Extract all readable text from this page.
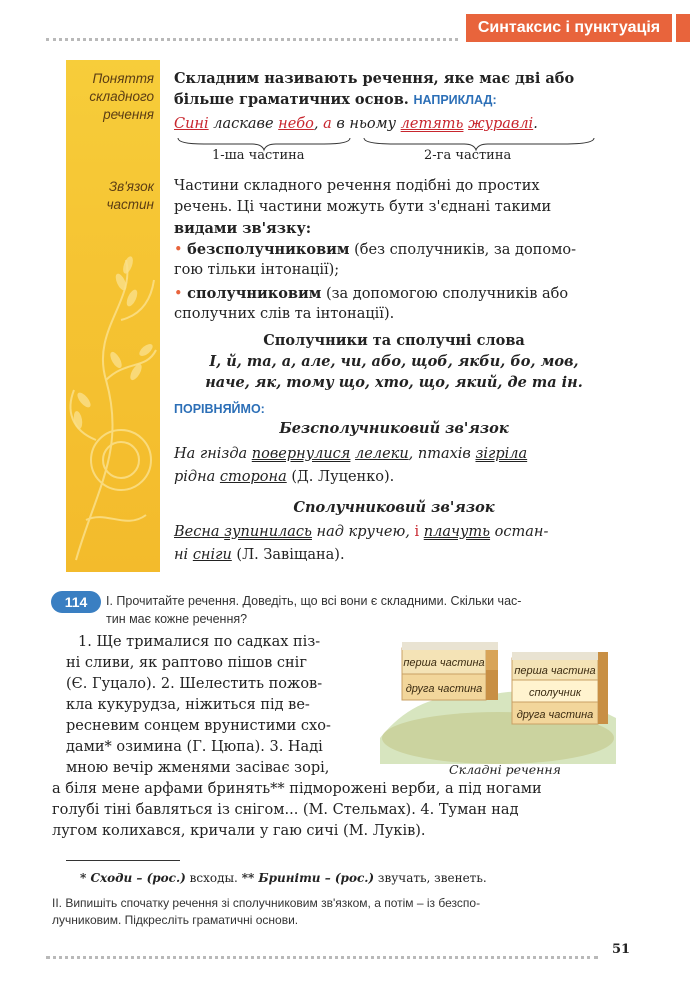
Синтаксис і пунктуація
Поняття
складного
речення
Зв'язок
частин
Складним називають речення, яке має дві або
більше граматичних основ. НАПРИКЛАД:
Сині ласкаве небо, а в ньому летять журавлі.
1-ша частина	2-га частина
Частини складного речення подібні до простих
речень. Ці частини можуть бути з'єднані такими
видами зв'язку:
• безсполучниковим (без сполучників, за допомо-
гою тільки інтонації);
• сполучниковим (за допомогою сполучників або
сполучних слів та інтонації).
Сполучники та сполучні слова
І, й, та, а, але, чи, або, щоб, якби, бо, мов,
наче, як, тому що, хто, що, який, де та ін.
ПОРІВНЯЙМО:
Безсполучниковий зв'язок
На гнізда повернулися лелеки, птахів зігріла
рідна сторона (Д. Луценко).
Сполучниковий зв'язок
Весна зупинилась над кручею, і плачуть остан-
ні сніги (Л. Завіщана).
114	І. Прочитайте речення. Доведіть, що всі вони є складними. Скільки час-
тин має кожне речення?
1. Ще трималися по садках піз-
ні сливи, як раптово пішов сніг
(Є. Гуцало). 2. Шелестить пожов-
кла кукурудза, ніжиться під ве-
ресневим сонцем врунистими схо-
дами* озимина (Г. Цюпа). 3. Наді
мною вечір жменями засіває зорі,
а біля мене арфами бринять** підморожені верби, а під ногами
голубі тіні бавляться із снігом... (М. Стельмах). 4. Туман над
лугом колихався, кричали у гаю сичі (М. Луків).
перша частина
друга частина
перша частина
сполучник
друга частина
Складні речення
* Сходи – (рос.) всходы. ** Бриніти – (рос.) звучать, звенеть.
ІІ. Випишіть спочатку речення зі сполучниковим зв'язком, а потім – із безспо-
лучниковим. Підкресліть граматичні основи.
51
